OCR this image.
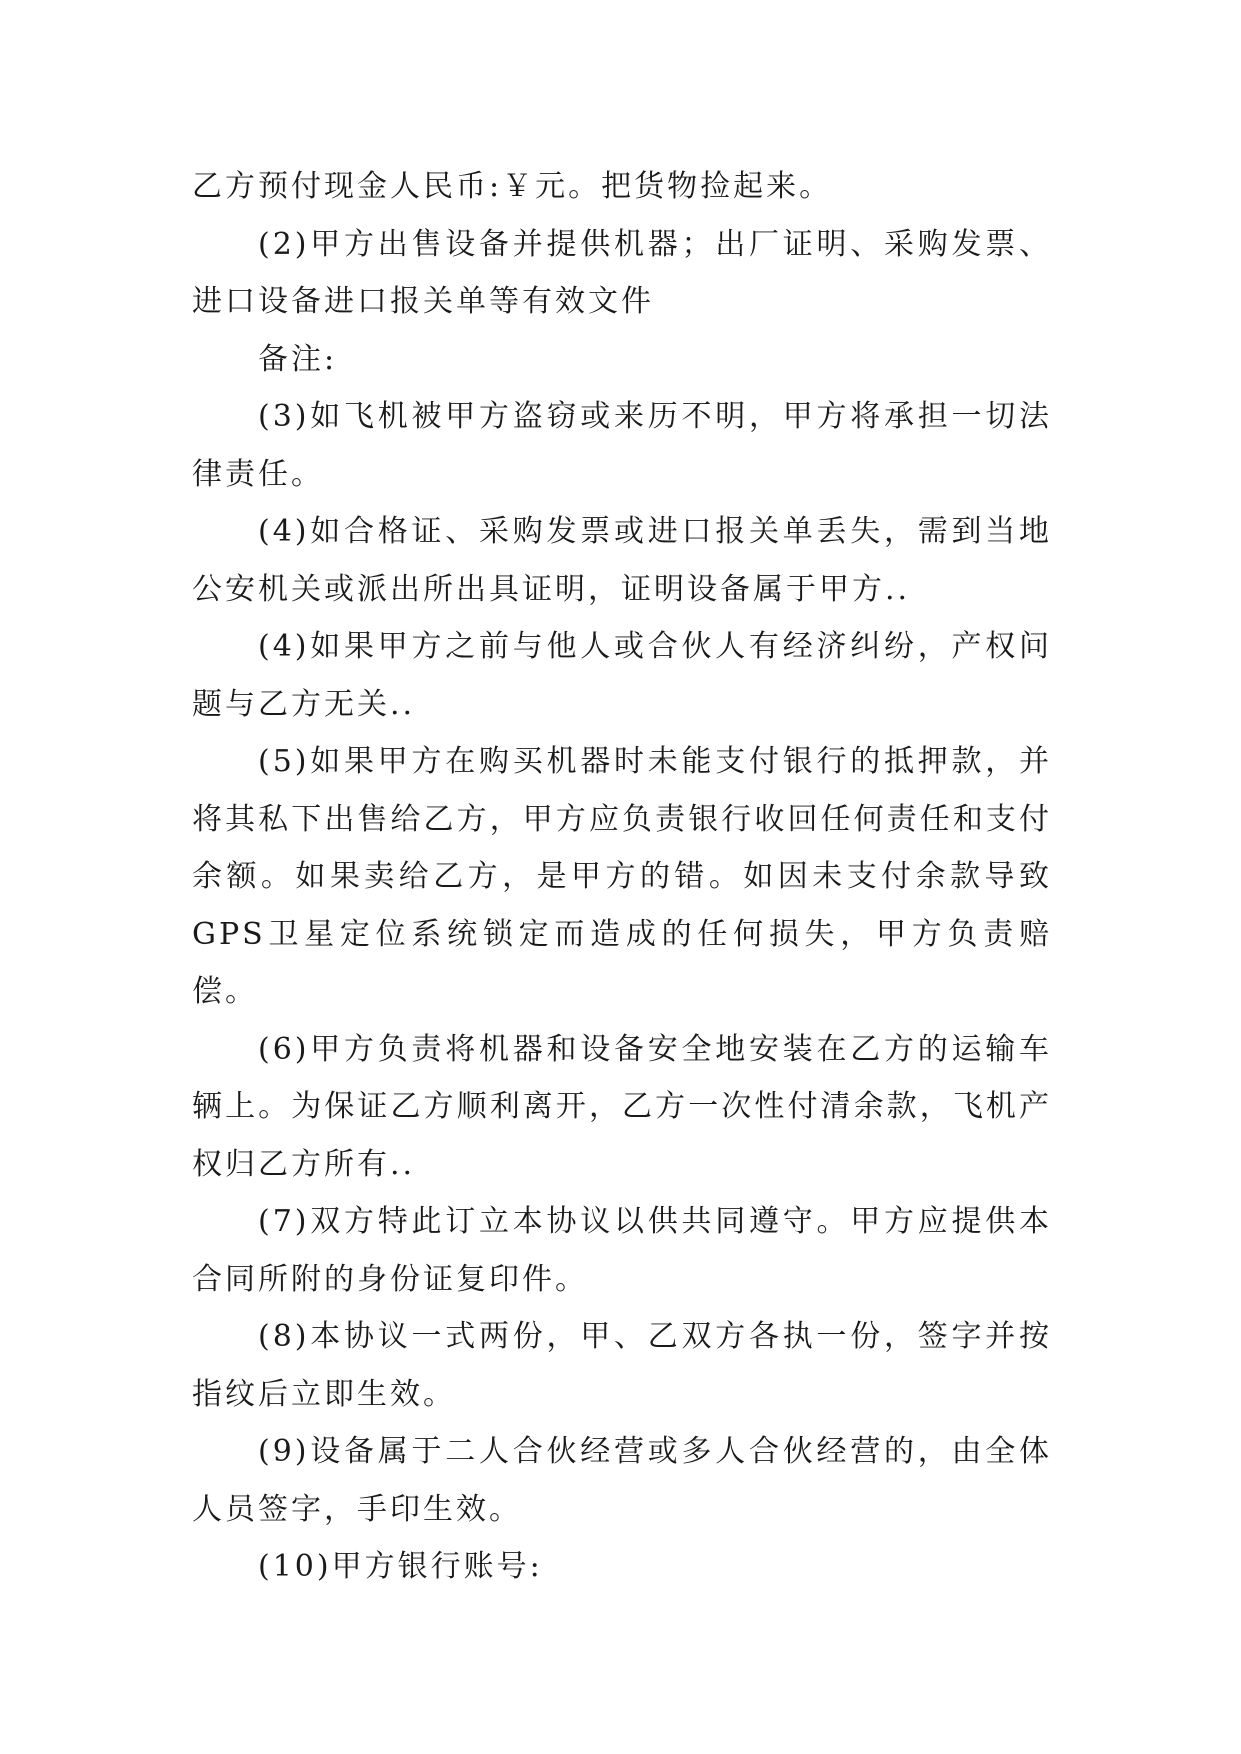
乙方预付现金人民币:￥元。把货物捡起来。

(2)甲方出售设备并提供机器；出厂证明、采购发票、进口设备进口报关单等有效文件

备注:

(3)如飞机被甲方盗窃或来历不明，甲方将承担一切法律责任。

(4)如合格证、采购发票或进口报关单丢失，需到当地公安机关或派出所出具证明，证明设备属于甲方..

(4)如果甲方之前与他人或合伙人有经济纠纷，产权问题与乙方无关..

(5)如果甲方在购买机器时未能支付银行的抵押款，并将其私下出售给乙方，甲方应负责银行收回任何责任和支付余额。如果卖给乙方，是甲方的错。如因未支付余款导致GPS卫星定位系统锁定而造成的任何损失，甲方负责赔偿。

(6)甲方负责将机器和设备安全地安装在乙方的运输车辆上。为保证乙方顺利离开，乙方一次性付清余款，飞机产权归乙方所有..

(7)双方特此订立本协议以供共同遵守。甲方应提供本合同所附的身份证复印件。

(8)本协议一式两份，甲、乙双方各执一份，签字并按指纹后立即生效。

(9)设备属于二人合伙经营或多人合伙经营的，由全体人员签字，手印生效。

(10)甲方银行账号:
